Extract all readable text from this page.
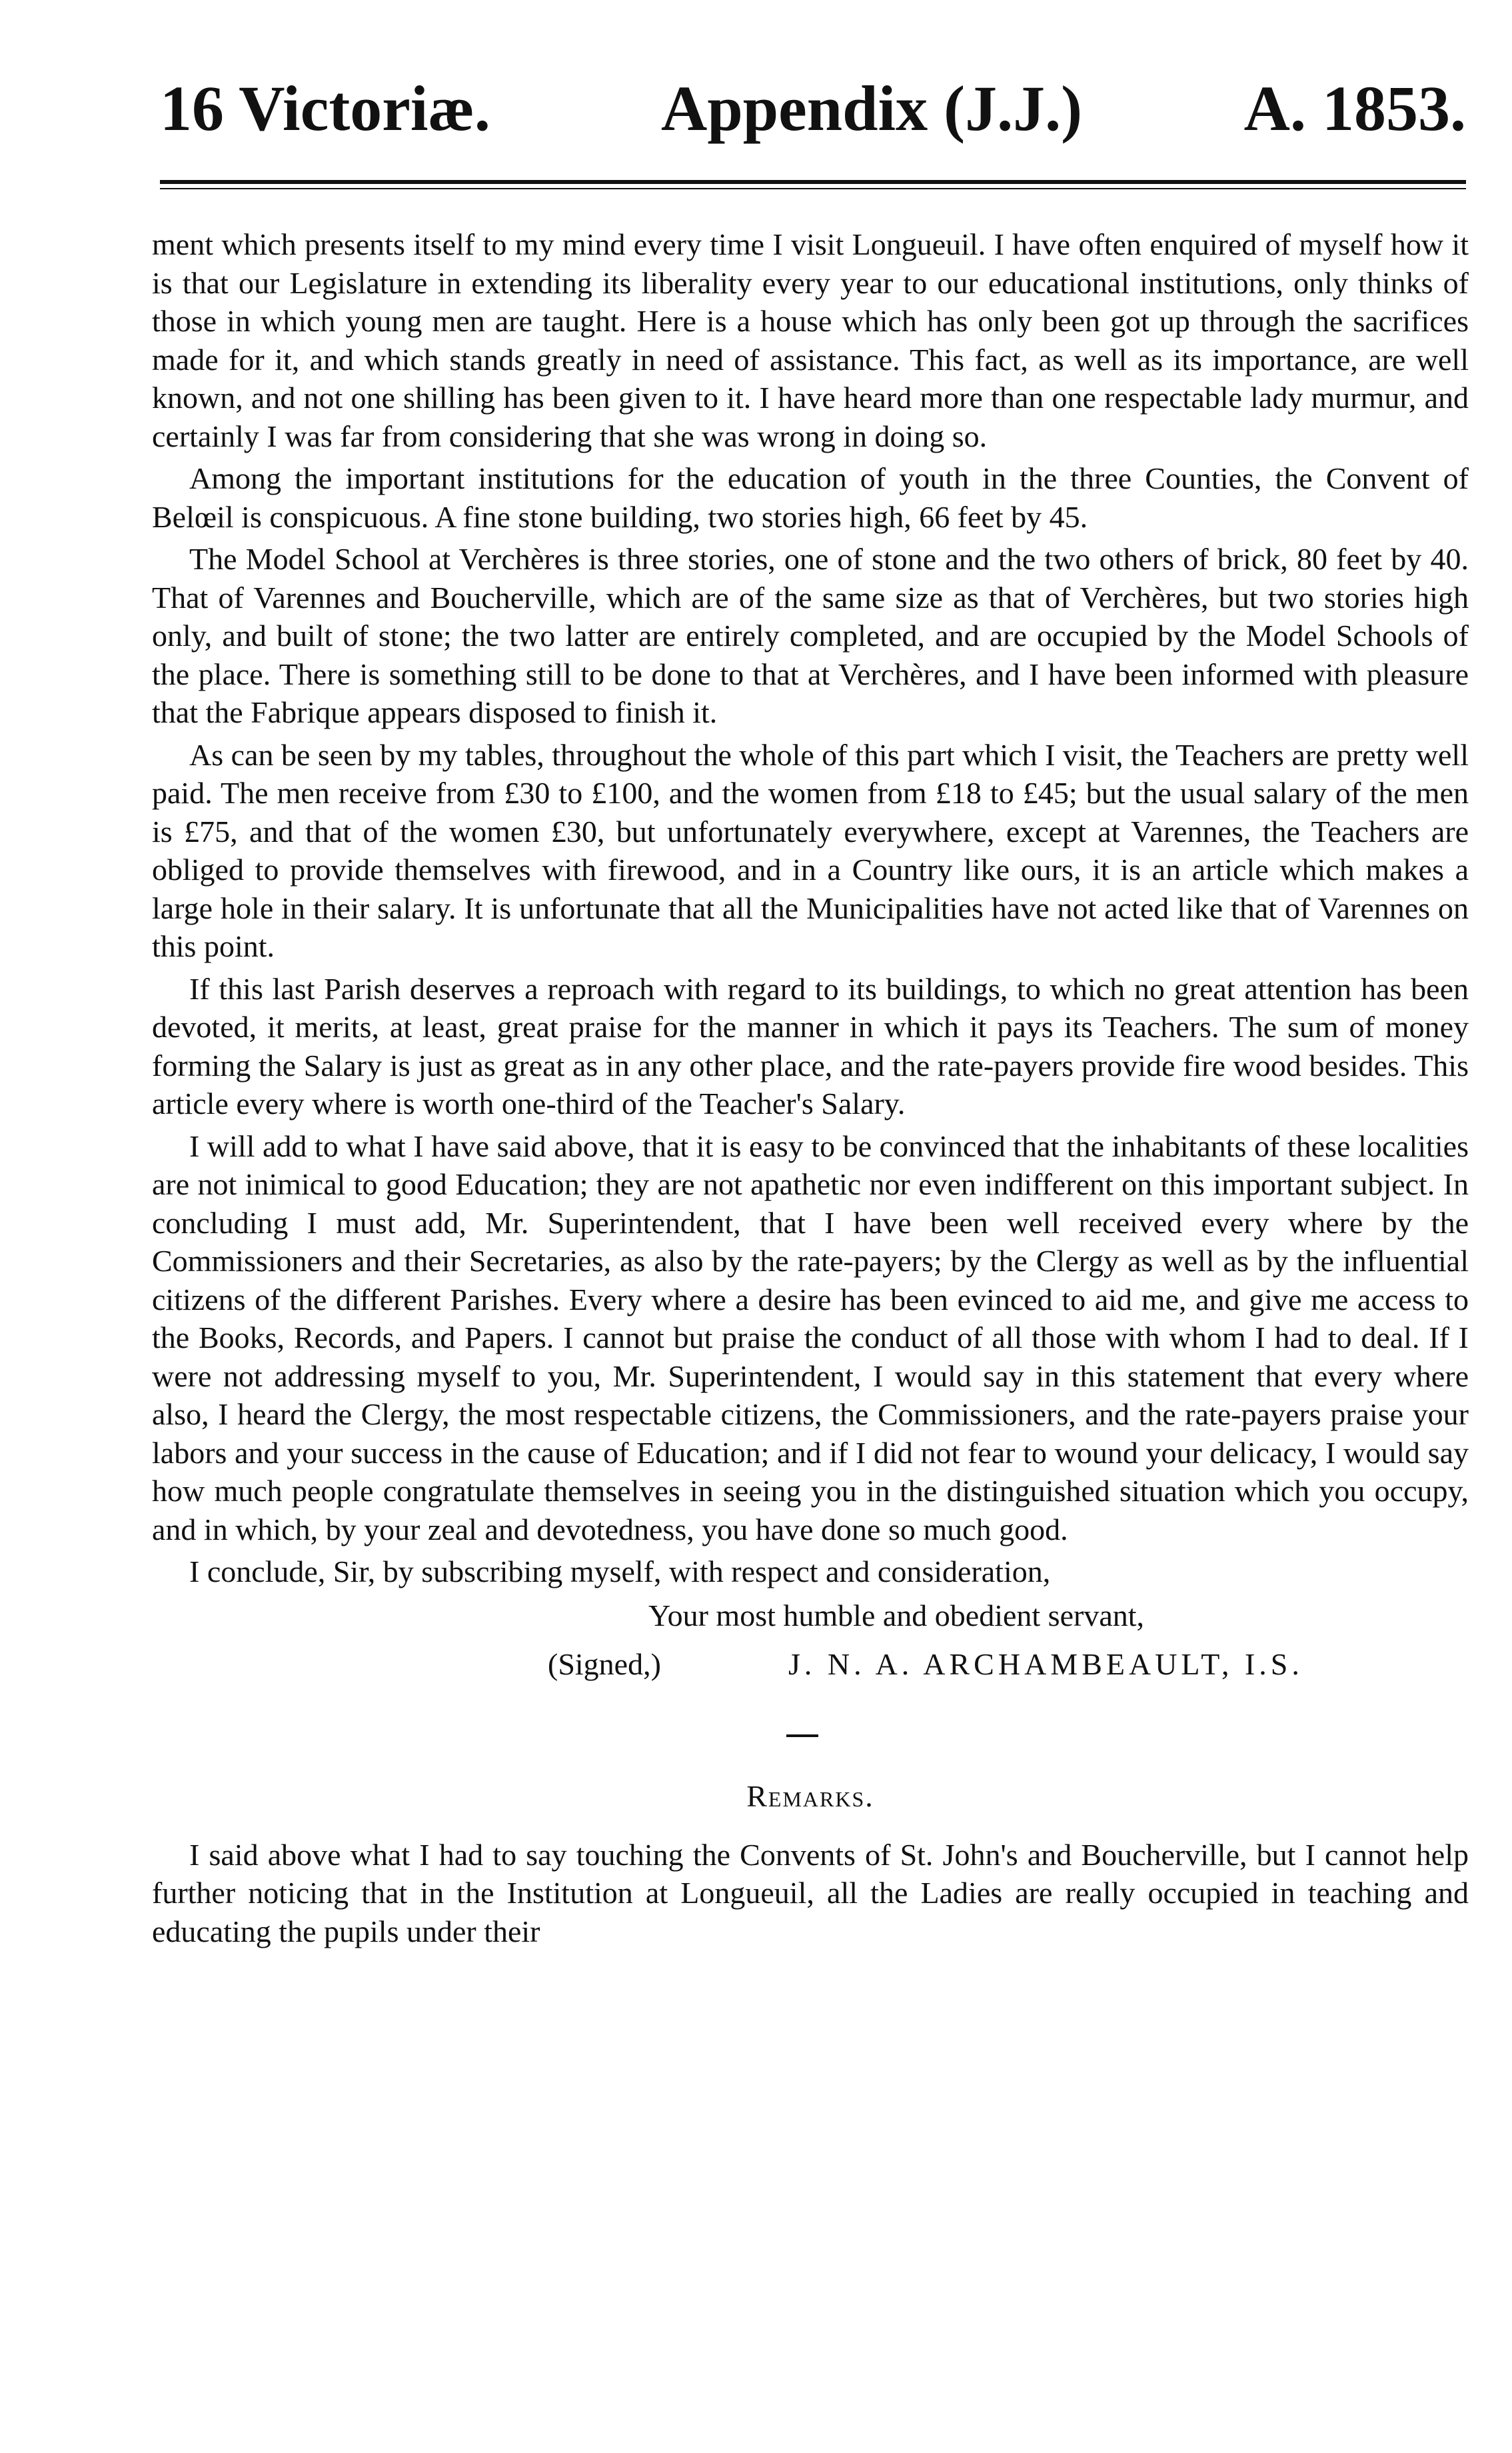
16 Victoriæ.	Appendix (J.J.)	A. 1853.

ment which presents itself to my mind every time I visit Longueuil. I have often enquired of myself how it is that our Legislature in extending its liberality every year to our educational institutions, only thinks of those in which young men are taught. Here is a house which has only been got up through the sacrifices made for it, and which stands greatly in need of assistance. This fact, as well as its importance, are well known, and not one shilling has been given to it. I have heard more than one respectable lady murmur, and certainly I was far from considering that she was wrong in doing so.

Among the important institutions for the education of youth in the three Counties, the Convent of Belœil is conspicuous. A fine stone building, two stories high, 66 feet by 45.

The Model School at Verchères is three stories, one of stone and the two others of brick, 80 feet by 40. That of Varennes and Boucherville, which are of the same size as that of Verchères, but two stories high only, and built of stone; the two latter are entirely completed, and are occupied by the Model Schools of the place. There is something still to be done to that at Verchères, and I have been informed with pleasure that the Fabrique appears disposed to finish it.

As can be seen by my tables, throughout the whole of this part which I visit, the Teachers are pretty well paid. The men receive from £30 to £100, and the women from £18 to £45; but the usual salary of the men is £75, and that of the women £30, but unfortunately everywhere, except at Varennes, the Teachers are obliged to provide themselves with firewood, and in a Country like ours, it is an article which makes a large hole in their salary. It is unfortunate that all the Municipalities have not acted like that of Varennes on this point.

If this last Parish deserves a reproach with regard to its buildings, to which no great attention has been devoted, it merits, at least, great praise for the manner in which it pays its Teachers. The sum of money forming the Salary is just as great as in any other place, and the rate-payers provide fire wood besides. This article every where is worth one-third of the Teacher's Salary.

I will add to what I have said above, that it is easy to be convinced that the inhabitants of these localities are not inimical to good Education; they are not apathetic nor even indifferent on this important subject. In concluding I must add, Mr. Superintendent, that I have been well received every where by the Commissioners and their Secretaries, as also by the rate-payers; by the Clergy as well as by the influential citizens of the different Parishes. Every where a desire has been evinced to aid me, and give me access to the Books, Records, and Papers. I cannot but praise the conduct of all those with whom I had to deal. If I were not addressing myself to you, Mr. Superintendent, I would say in this statement that every where also, I heard the Clergy, the most respectable citizens, the Commissioners, and the rate-payers praise your labors and your success in the cause of Education; and if I did not fear to wound your delicacy, I would say how much people congratulate themselves in seeing you in the distinguished situation which you occupy, and in which, by your zeal and devotedness, you have done so much good.

I conclude, Sir, by subscribing myself, with respect and consideration,

Your most humble and obedient servant,
(Signed,)	J. N. A. ARCHAMBEAULT, I.S.
Remarks.

I said above what I had to say touching the Convents of St. John's and Boucherville, but I cannot help further noticing that in the Institution at Longueuil, all the Ladies are really occupied in teaching and educating the pupils under their
